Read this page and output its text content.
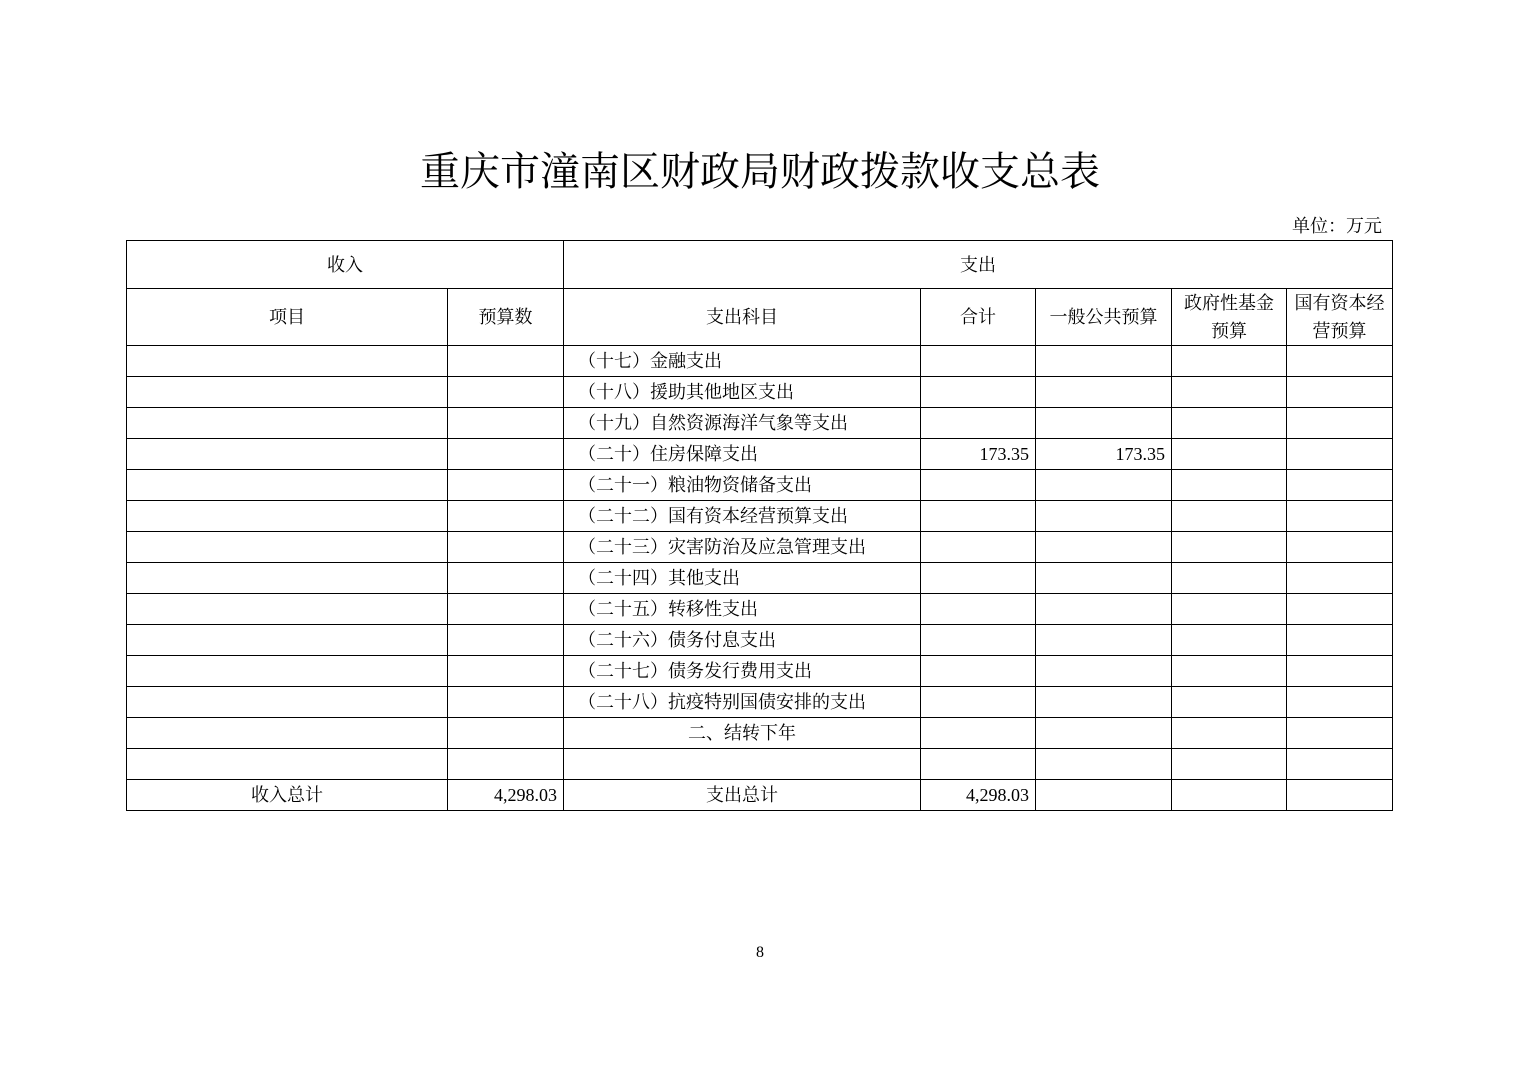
重庆市潼南区财政局财政拨款收支总表
单位：万元
收入		支出				
项目	预算数	支出科目	合计	一般公共预算	政府性基金预算	国有资本经营预算
		（十七）金融支出				
		（十八）援助其他地区支出				
		（十九）自然资源海洋气象等支出				
		（二十）住房保障支出	173.35	173.35		
		（二十一）粮油物资储备支出				
		（二十二）国有资本经营预算支出				
		（二十三）灾害防治及应急管理支出				
		（二十四）其他支出				
		（二十五）转移性支出				
		（二十六）债务付息支出				
		（二十七）债务发行费用支出				
		（二十八）抗疫特别国债安排的支出				
		二、结转下年				

收入总计	4,298.03	支出总计	4,298.03			
8
